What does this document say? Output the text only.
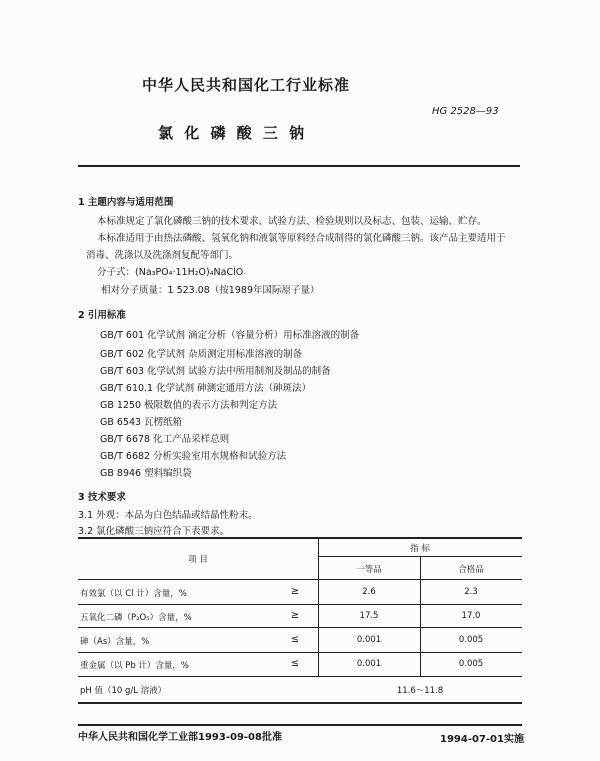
中华人民共和国化工行业标准
HG 2528—93
氯 化 磷 酸 三 钠
1 主题内容与适用范围
本标准规定了氯化磷酸三钠的技术要求、试验方法、检验规则以及标志、包装、运输、贮存。
本标准适用于由热法磷酸、氢氧化钠和液氯等原料经合成制得的氯化磷酸三钠。该产品主要适用于
消毒、洗涤以及洗涤剂复配等部门。
分子式：(Na₃PO₄·11H₂O)₄NaClO
相对分子质量：1 523.08（按1989年国际原子量）
2 引用标准
GB/T 601 化学试剂 滴定分析（容量分析）用标准溶液的制备
GB/T 602 化学试剂 杂质测定用标准溶液的制备
GB/T 603 化学试剂 试验方法中所用制剂及制品的制备
GB/T 610.1 化学试剂 砷测定通用方法（砷斑法）
GB 1250 极限数值的表示方法和判定方法
GB 6543 瓦楞纸箱
GB/T 6678 化工产品采样总则
GB/T 6682 分析实验室用水规格和试验方法
GB 8946 塑料编织袋
3 技术要求
3.1 外观：本品为白色结晶或结晶性粉末。
3.2 氯化磷酸三钠应符合下表要求。
项 目
指 标
一等品	合格品
有效氯（以 Cl 计）含量，%	≥	2.6	2.3
五氧化二磷（P₂O₅）含量，%	≥	17.5	17.0
砷（As）含量，%	≤	0.001	0.005
重金属（以 Pb 计）含量，%	≤	0.001	0.005
pH 值（10 g/L 溶液）	11.6～11.8
中华人民共和国化学工业部1993-09-08批准	1994-07-01实施
